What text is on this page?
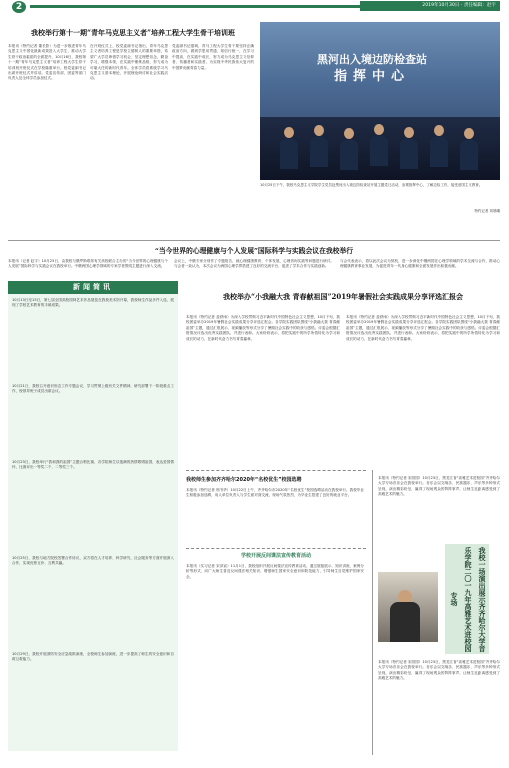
2	2019年10月30日 · 责任编辑：赵宇
我校举行第十一期“青年马克思主义者”培养工程大学生骨干培训班
本报讯（特约记者 董长影）为进一步推进青年马克思主义中国化最新成果进入大学生，推动大学生骨干政治素质的全面提升，10月16日，我校第十一期“青年马克思主义者”培养工程大学生骨干培训班开班仪式在学校隆重举行。校党委副书记出席开班仪式并讲话。党委宣传部、团委等部门负责人及全体学员参加仪式。
在开班仪式上，校党委副书记指出，青年马克思主义者培养工程是学校立德树人的重要举措，希望广大学员珍惜学习机会，坚定理想信念，勤奋学习，增强本领，在实践中锤炼品格，努力成为可堪大任的新时代青年。全体学员将系统学习马克思主义基本理论，开展理论研讨和社会实践活动。
党委副书记强调，青马工程大学生骨干要坚持正确政治方向，做到学思用贯通、知信行统一，在学习中提高，在实践中成长，努力成为马克思主义信仰者、传播者和实践者，为实现中华民族伟大复兴的中国梦贡献青春力量。
黑河出入境边防检查站
指挥中心
10月25日下午，我校马克思主义学院学生党员赴黑河出入境边防检查站开展主题党日活动，参观指挥中心，了解边检工作，接受爱国主义教育。
特约记者 刘晨曦
“当今世界的心理健康与个人发展”国际科学与实践会议在我校举行
本报讯（记者 赵宇）10月25日，由我校与俄罗斯联邦有关高校联合主办的“当今世界的心理健康与个人发展”国际科学与实践会议在我校举行。中俄两国心理学领域的专家学者围绕主题进行深入交流。
会议上，中俄专家分别作了专题报告，就心理健康教育、个体发展、心理咨询实践等问题进行研讨。与会者一致认为，本次会议为两国心理学界搭建了良好的交流平台，促进了学术合作与实践创新。
与会代表表示，将以此次会议为契机，进一步深化中俄两国在心理学领域的学术交流与合作，推动心理健康教育事业发展，为促进青年一代身心健康和全面发展作出积极贡献。
新闻简讯
10月13日至15日，第七届全国高校园林艺术作品展览在我校美术馆开幕，我校师生作品多件入选，展现了学校艺术教育的丰硕成果。
10月21日，我校召开意识形态工作专题会议，学习贯彻上级有关文件精神，研究部署下一阶段重点工作，校领导班子成员出席会议。
10月23日，我校举行“我和我的祖国”主题合唱比赛，各学院师生以饱满的热情歌唱祖国，表达爱国情怀，比赛评出一等奖二个、二等奖三个。
10月25日，我校与地方院校签署合作协议，双方将在人才培养、科学研究、社会服务等方面开展深入合作，实现优势互补、互利共赢。
10月29日，我校开展消防安全应急疏散演练，全校师生参加演练，进一步提高了师生的安全意识和自救互救能力。
我校举办“小我融大我 青春献祖国”2019年暑假社会实践成果分享评选汇报会
本报讯（特约记者 盖舒雨）为深入学校贯彻习近平新时代中国特色社会主义思想，10月下旬，我校团委举办2019年暑假社会实践成果分享评选汇报会。各学院实践团队围绕“小我融大我 青春献祖国”主题，通过汇报展示、视频播放等形式分享了暑期社会实践中的收获与感悟。评委会根据汇报情况评选出优秀实践团队，并进行表彰。大家纷纷表示，将把实践中的所学所悟转化为学习和成长的动力，在新时代奋力书写青春篇章。
本报讯（特约记者 盖舒雨）为深入学校贯彻习近平新时代中国特色社会主义思想，10月下旬，我校团委举办2019年暑假社会实践成果分享评选汇报会。各学院实践团队围绕“小我融大我 青春献祖国”主题，通过汇报展示、视频播放等形式分享了暑期社会实践中的收获与感悟。评委会根据汇报情况评选出优秀实践团队，并进行表彰。大家纷纷表示，将把实践中的所学所悟转化为学习和成长的动力，在新时代奋力书写青春篇章。
我校师生参加齐齐哈尔2020年“名校优生”校园选聘
本报讯（特约记者 邢书华）10月22日上午，齐齐哈尔市2020年“名校优生”校园选聘活动在我校举行。我校毕业生积极参加选聘，用人单位负责人与学生面对面交流，现场气氛热烈，为毕业生搭建了良好的就业平台。
学校开展反间谍法宣传教育活动
本报讯（实习记者 宋泽宸）11月1日，我校组织开展反间谍法宣传教育活动，通过展板展示、知识讲座、案例分析等形式，向广大师生普及反间谍法相关知识，增强师生国家安全意识和防范能力，引导师生自觉维护国家安全。
本报讯（特约记者 宋园园）10月23日，黑龙江省“高雅艺术进校园”齐齐哈尔大学专场音乐会在我校举行。音乐会以交响乐、民族器乐、声乐等多种形式呈现，演出精彩纷呈，赢得了现场观众的阵阵掌声，让师生近距离感受到了高雅艺术的魅力。
我校一场演出展示齐齐哈尔大学音乐学院二〇一九年高雅艺术进校园专场
本报讯（特约记者 宋园园）10月23日，黑龙江省“高雅艺术进校园”齐齐哈尔大学专场音乐会在我校举行。音乐会以交响乐、民族器乐、声乐等多种形式呈现，演出精彩纷呈，赢得了现场观众的阵阵掌声，让师生近距离感受到了高雅艺术的魅力。
